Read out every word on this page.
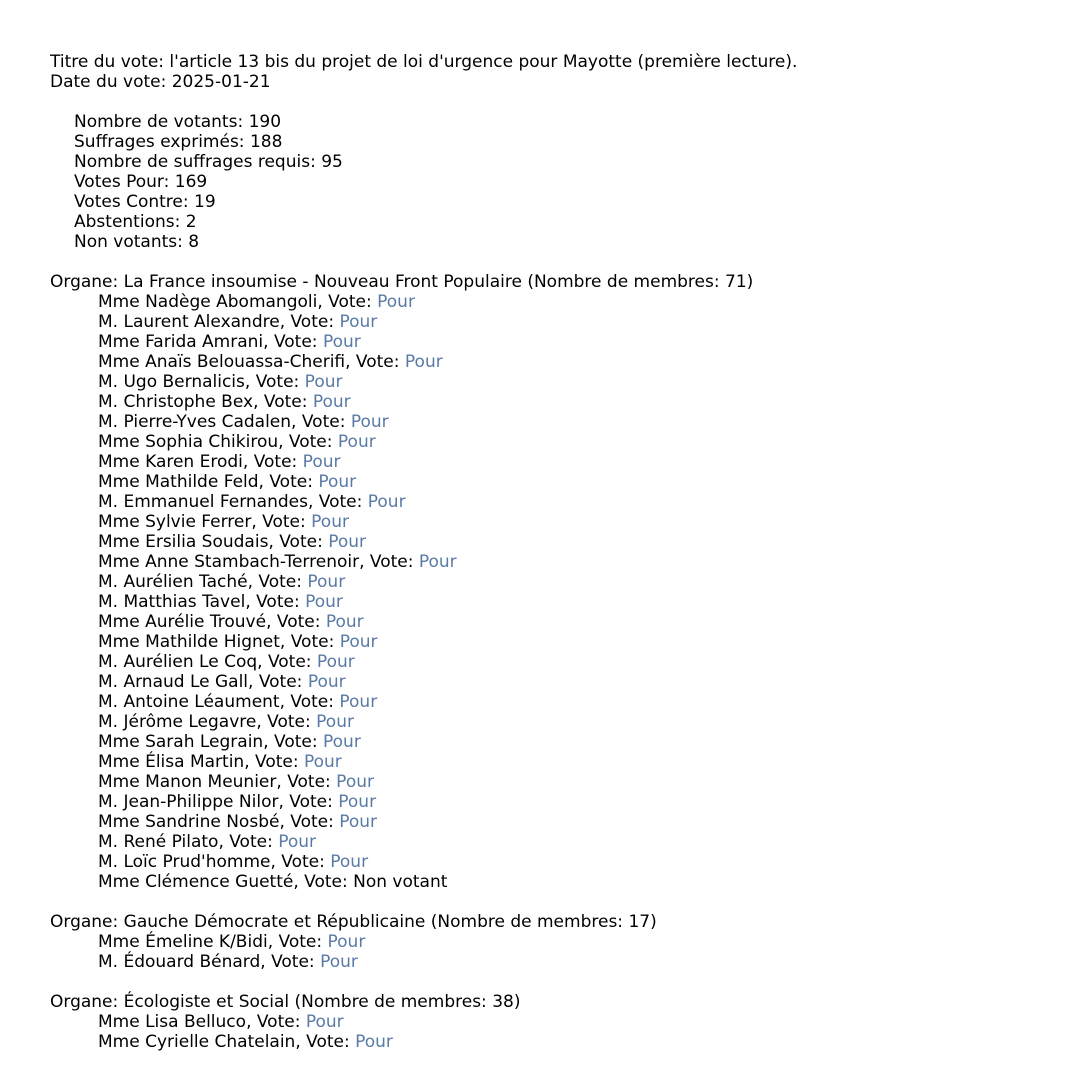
Titre du vote: l'article 13 bis du projet de loi d'urgence pour Mayotte (première lecture).
Date du vote: 2025-01-21
Nombre de votants: 190
Suffrages exprimés: 188
Nombre de suffrages requis: 95
Votes Pour: 169
Votes Contre: 19
Abstentions: 2
Non votants: 8
Organe: La France insoumise - Nouveau Front Populaire (Nombre de membres: 71)
Mme Nadège Abomangoli, Vote: Pour
M. Laurent Alexandre, Vote: Pour
Mme Farida Amrani, Vote: Pour
Mme Anaïs Belouassa-Cherifi, Vote: Pour
M. Ugo Bernalicis, Vote: Pour
M. Christophe Bex, Vote: Pour
M. Pierre-Yves Cadalen, Vote: Pour
Mme Sophia Chikirou, Vote: Pour
Mme Karen Erodi, Vote: Pour
Mme Mathilde Feld, Vote: Pour
M. Emmanuel Fernandes, Vote: Pour
Mme Sylvie Ferrer, Vote: Pour
Mme Ersilia Soudais, Vote: Pour
Mme Anne Stambach-Terrenoir, Vote: Pour
M. Aurélien Taché, Vote: Pour
M. Matthias Tavel, Vote: Pour
Mme Aurélie Trouvé, Vote: Pour
Mme Mathilde Hignet, Vote: Pour
M. Aurélien Le Coq, Vote: Pour
M. Arnaud Le Gall, Vote: Pour
M. Antoine Léaument, Vote: Pour
M. Jérôme Legavre, Vote: Pour
Mme Sarah Legrain, Vote: Pour
Mme Élisa Martin, Vote: Pour
Mme Manon Meunier, Vote: Pour
M. Jean-Philippe Nilor, Vote: Pour
Mme Sandrine Nosbé, Vote: Pour
M. René Pilato, Vote: Pour
M. Loïc Prud'homme, Vote: Pour
Mme Clémence Guetté, Vote: Non votant
Organe: Gauche Démocrate et Républicaine (Nombre de membres: 17)
Mme Émeline K/Bidi, Vote: Pour
M. Édouard Bénard, Vote: Pour
Organe: Écologiste et Social (Nombre de membres: 38)
Mme Lisa Belluco, Vote: Pour
Mme Cyrielle Chatelain, Vote: Pour
